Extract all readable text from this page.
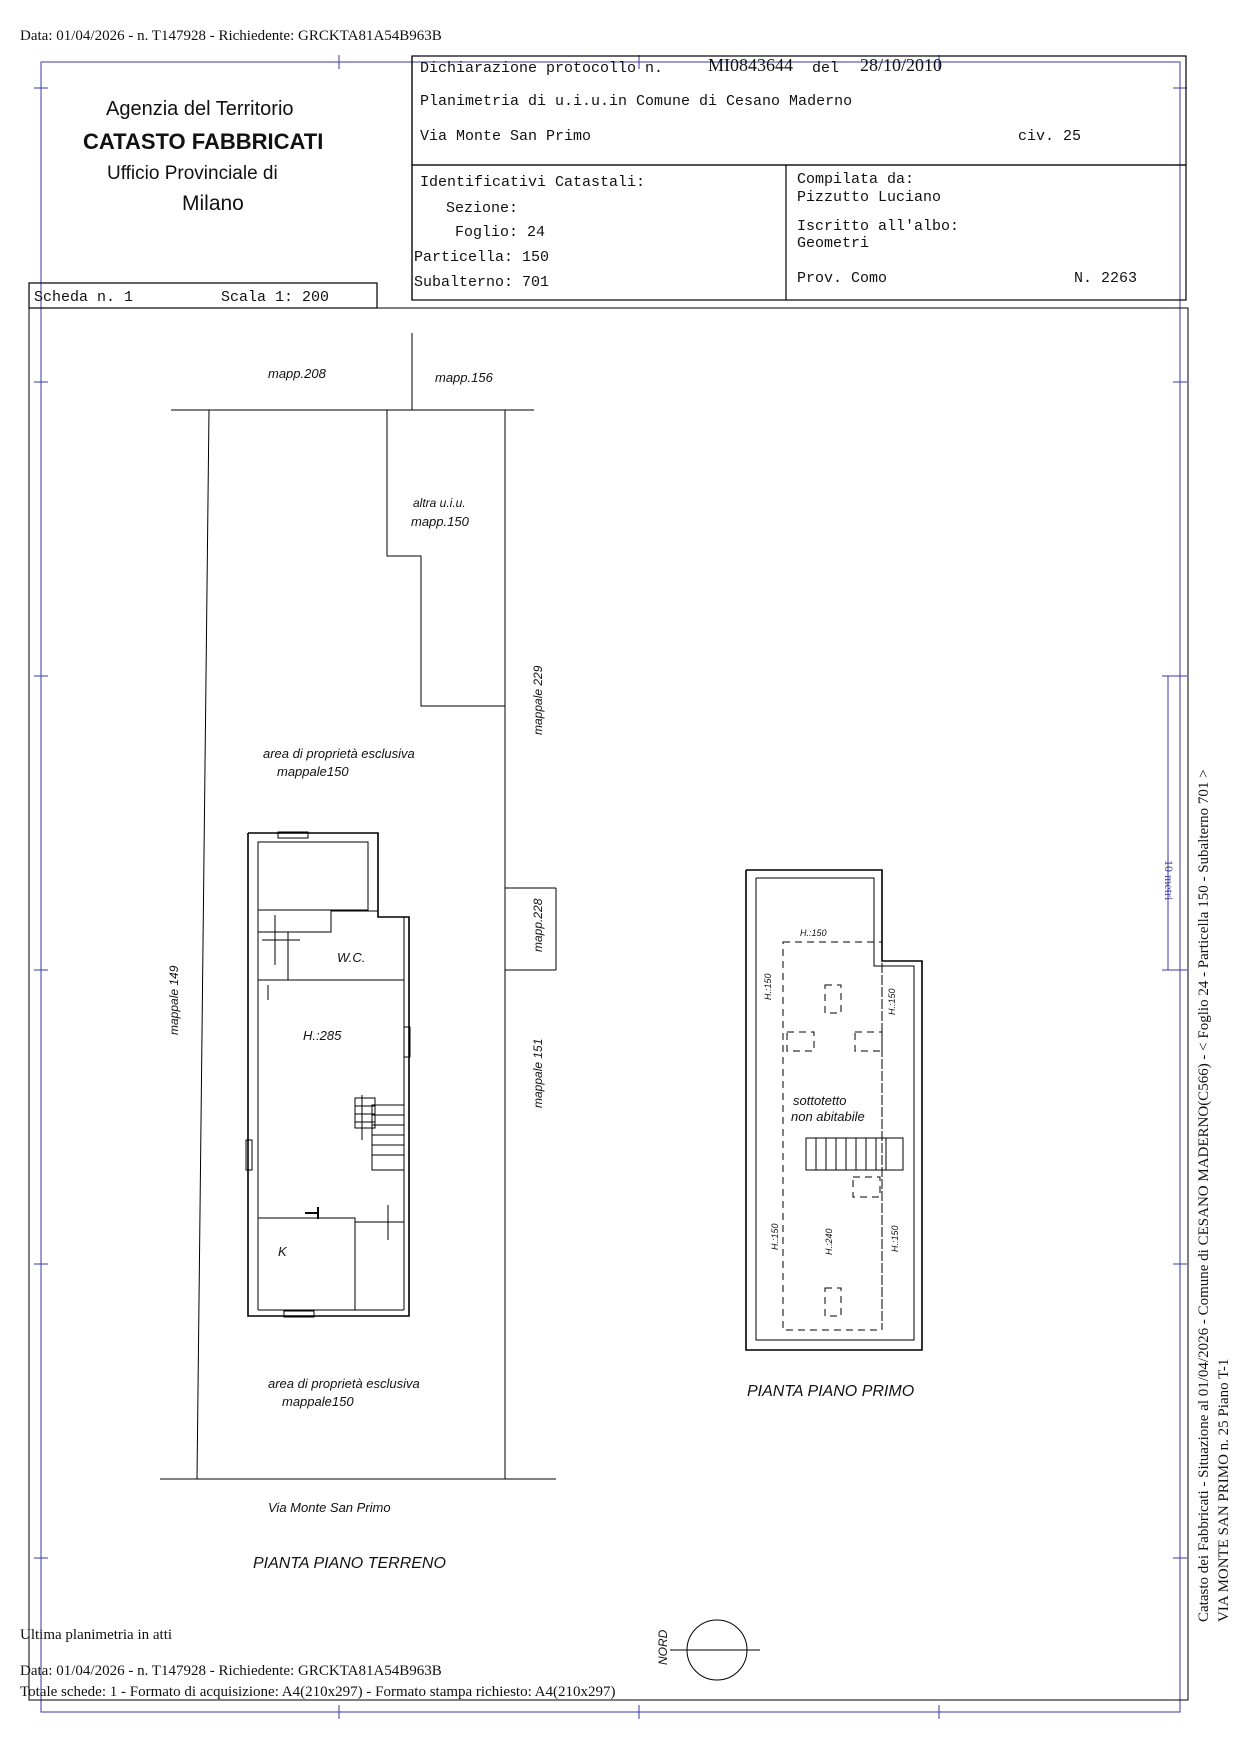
Data: 01/04/2026 - n. T147928 - Richiedente: GRCKTA81A54B963B
Agenzia del Territorio
CATASTO FABBRICATI
Ufficio Provinciale di
Milano
Dichiarazione protocollo n. MI0843644 del 28/10/2010
Planimetria di u.i.u.in Comune di Cesano Maderno
Via Monte San Primo	civ. 25
Identificativi Catastali:
Sezione:
Foglio: 24
Particella: 150
Subalterno: 701
Compilata da:
Pizzutto Luciano
Iscritto all'albo:
Geometri
Prov. Como	N. 2263
Scheda n. 1	Scala 1: 200
mapp.208	mapp.156
altra u.i.u.
mapp.150
mappale 229
area di proprietà esclusiva
mappale150
mapp.228
mappale 149
mappale 151
W.C.
H.:285
K
area di proprietà esclusiva
mappale150
Via Monte San Primo
PIANTA PIANO TERRENO
H.:150
H.:150
H.:150
sottotetto
non abitabile
H.:150	H.:240	H.:150
PIANTA PIANO PRIMO
NORD
10 metri Catasto dei Fabbricati - Situazione al 01/04/2026 - Comune di CESANO MADERNO(C566) - < Foglio 24 - Particella 150 - Subalterno 701 > VIA MONTE SAN PRIMO n. 25 Piano T-1
Ultima planimetria in atti
Data: 01/04/2026 - n. T147928 - Richiedente: GRCKTA81A54B963B
Totale schede: 1 - Formato di acquisizione: A4(210x297) - Formato stampa richiesto: A4(210x297)
